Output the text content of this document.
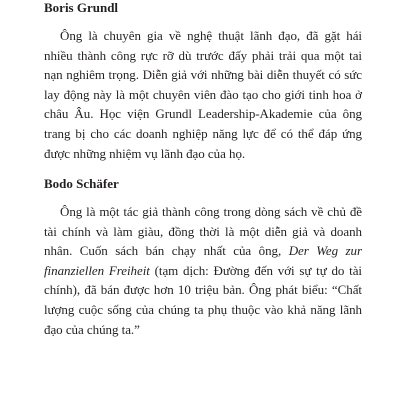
Boris Grundl

Ông là chuyên gia về nghệ thuật lãnh đạo, đã gặt hái nhiều thành công rực rỡ dù trước đấy phải trải qua một tai nạn nghiêm trọng. Diễn giả với những bài diễn thuyết có sức lay động này là một chuyên viên đào tạo cho giới tinh hoa ở châu Âu. Học viện Grundl Leadership-Akademie của ông trang bị cho các doanh nghiệp năng lực để có thể đáp ứng được những nhiệm vụ lãnh đạo của họ.

Bodo Schäfer

Ông là một tác giả thành công trong dòng sách về chủ đề tài chính và làm giàu, đồng thời là một diễn giả và doanh nhân. Cuốn sách bán chạy nhất của ông, Der Weg zur finanziellen Freiheit (tạm dịch: Đường đến với sự tự do tài chính), đã bán được hơn 10 triệu bản. Ông phát biểu: “Chất lượng cuộc sống của chúng ta phụ thuộc vào khả năng lãnh đạo của chúng ta.”
